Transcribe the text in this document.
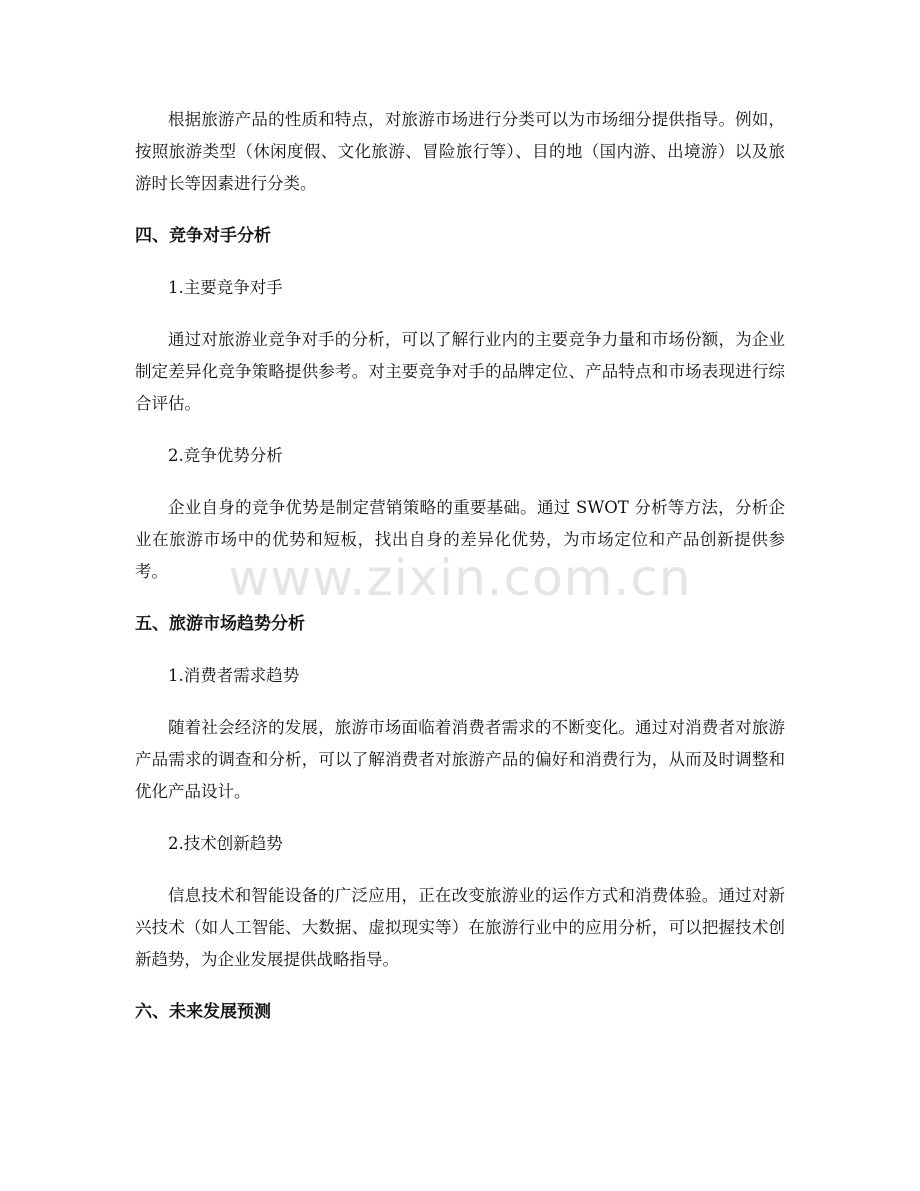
根据旅游产品的性质和特点，对旅游市场进行分类可以为市场细分提供指导。例如，按照旅游类型（休闲度假、文化旅游、冒险旅行等）、目的地（国内游、出境游）以及旅游时长等因素进行分类。

四、竞争对手分析

1.主要竞争对手

通过对旅游业竞争对手的分析，可以了解行业内的主要竞争力量和市场份额，为企业制定差异化竞争策略提供参考。对主要竞争对手的品牌定位、产品特点和市场表现进行综合评估。

2.竞争优势分析

企业自身的竞争优势是制定营销策略的重要基础。通过 SWOT 分析等方法，分析企业在旅游市场中的优势和短板，找出自身的差异化优势，为市场定位和产品创新提供参考。

五、旅游市场趋势分析

1.消费者需求趋势

随着社会经济的发展，旅游市场面临着消费者需求的不断变化。通过对消费者对旅游产品需求的调查和分析，可以了解消费者对旅游产品的偏好和消费行为，从而及时调整和优化产品设计。

2.技术创新趋势

信息技术和智能设备的广泛应用，正在改变旅游业的运作方式和消费体验。通过对新兴技术（如人工智能、大数据、虚拟现实等）在旅游行业中的应用分析，可以把握技术创新趋势，为企业发展提供战略指导。

六、未来发展预测
www.zixin.com.cn
